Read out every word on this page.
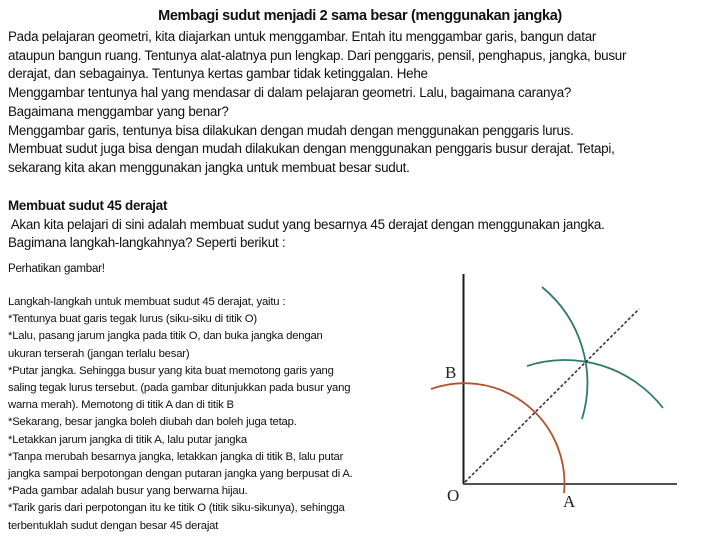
Membagi sudut menjadi 2 sama besar (menggunakan jangka)

Pada pelajaran geometri, kita diajarkan untuk menggambar. Entah itu menggambar garis, bangun datar

ataupun bangun ruang. Tentunya alat-alatnya pun lengkap. Dari penggaris, pensil, penghapus, jangka, busur

derajat, dan sebagainya. Tentunya kertas gambar tidak ketinggalan. Hehe

Menggambar tentunya hal yang mendasar di dalam pelajaran geometri. Lalu, bagaimana caranya?

Bagaimana menggambar yang benar?

Menggambar garis, tentunya bisa dilakukan dengan mudah dengan menggunakan penggaris lurus.

Membuat sudut juga bisa dengan mudah dilakukan dengan menggunakan penggaris busur derajat. Tetapi,

sekarang kita akan menggunakan jangka untuk membuat besar sudut.

Membuat sudut 45 derajat

Akan kita pelajari di sini adalah membuat sudut yang besarnya 45 derajat dengan menggunakan jangka.

Bagimana langkah-langkahnya? Seperti berikut :

Perhatikan gambar!

Langkah-langkah untuk membuat sudut 45 derajat, yaitu :

*Tentunya buat garis tegak lurus (siku-siku di titik O)

*Lalu, pasang jarum jangka pada titik O, dan buka jangka dengan

ukuran terserah (jangan terlalu besar)

*Putar jangka. Sehingga busur yang kita buat memotong garis yang

saling tegak lurus tersebut. (pada gambar ditunjukkan pada busur yang

warna merah). Memotong di titik A dan di titik B

*Sekarang, besar jangka boleh diubah dan boleh juga tetap.

*Letakkan jarum jangka di titik A, lalu putar jangka

*Tanpa merubah besarnya jangka, letakkan jangka di titik B, lalu putar

jangka sampai berpotongan dengan putaran jangka yang berpusat di A.

*Pada gambar adalah busur yang berwarna hijau.

*Tarik garis dari perpotongan itu ke titik O (titik siku-sikunya), sehingga

terbentuklah sudut dengan besar 45 derajat

B
O	A
